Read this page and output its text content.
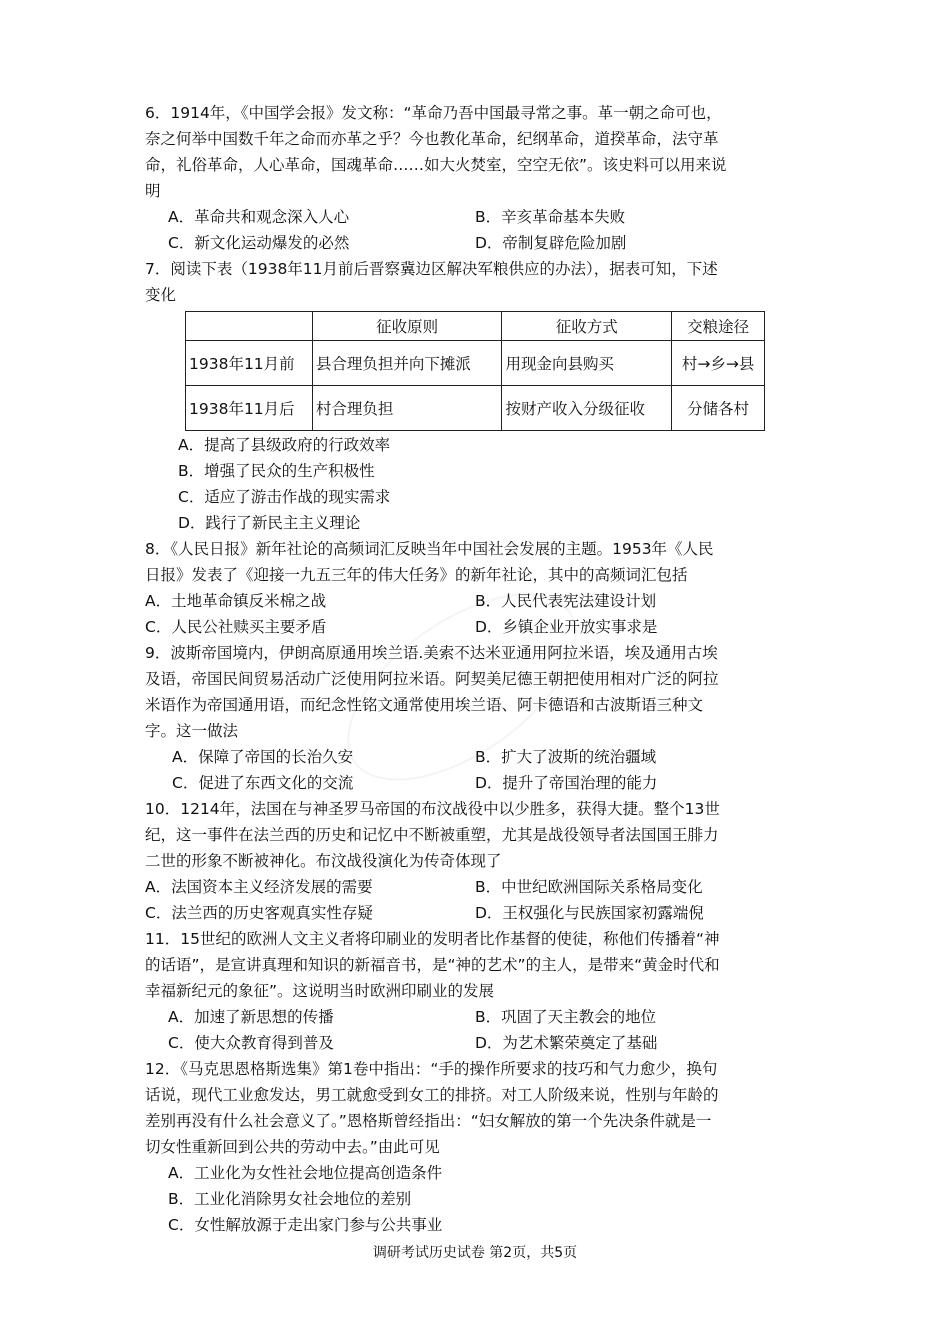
6．1914年，《中国学会报》发文称：“革命乃吾中国最寻常之事。革一朝之命可也，
奈之何举中国数千年之命而亦革之乎？今也教化革命，纪纲革命，道揆革命，法守革
命，礼俗革命，人心革命，国魂革命……如大火焚室，空空无依”。该史料可以用来说
明
A．革命共和观念深入人心	B．辛亥革命基本失败
C．新文化运动爆发的必然	D．帝制复辟危险加剧
7．阅读下表（1938年11月前后晋察冀边区解决军粮供应的办法），据表可知，下述
变化
	征收原则	征收方式	交粮途径
1938年11月前	县合理负担并向下摊派	用现金向县购买	村→乡→县
1938年11月后	村合理负担	按财产收入分级征收	分储各村
A．提高了县级政府的行政效率
B．增强了民众的生产积极性
C．适应了游击作战的现实需求
D．践行了新民主主义理论
8．《人民日报》新年社论的高频词汇反映当年中国社会发展的主题。1953年《人民
日报》发表了《迎接一九五三年的伟大任务》的新年社论，其中的高频词汇包括
A．土地革命镇反米棉之战	B．人民代表宪法建设计划
C．人民公社赎买主要矛盾	D．乡镇企业开放实事求是
9．波斯帝国境内，伊朗高原通用埃兰语.美索不达米亚通用阿拉米语，埃及通用古埃
及语，帝国民间贸易活动广泛使用阿拉米语。阿契美尼德王朝把使用相对广泛的阿拉
米语作为帝国通用语，而纪念性铭文通常使用埃兰语、阿卡德语和古波斯语三种文
字。这一做法
A．保障了帝国的长治久安	B．扩大了波斯的统治疆域
C．促进了东西文化的交流	D．提升了帝国治理的能力
10．1214年，法国在与神圣罗马帝国的布汶战役中以少胜多，获得大捷。整个13世
纪，这一事件在法兰西的历史和记忆中不断被重塑，尤其是战役领导者法国国王腓力
二世的形象不断被神化。布汶战役演化为传奇体现了
A．法国资本主义经济发展的需要	B．中世纪欧洲国际关系格局变化
C．法兰西的历史客观真实性存疑	D．王权强化与民族国家初露端倪
11．15世纪的欧洲人文主义者将印刷业的发明者比作基督的使徒，称他们传播着“神
的话语”，是宣讲真理和知识的新福音书，是“神的艺术”的主人，是带来“黄金时代和
幸福新纪元的象征”。这说明当时欧洲印刷业的发展
A．加速了新思想的传播	B．巩固了天主教会的地位
C．使大众教育得到普及	D．为艺术繁荣奠定了基础
12．《马克思恩格斯选集》第1卷中指出：“手的操作所要求的技巧和气力愈少，换句
话说，现代工业愈发达，男工就愈受到女工的排挤。对工人阶级来说，性别与年龄的
差别再没有什么社会意义了。”恩格斯曾经指出：“妇女解放的第一个先决条件就是一
切女性重新回到公共的劳动中去。”由此可见
A．工业化为女性社会地位提高创造条件
B．工业化消除男女社会地位的差别
C．女性解放源于走出家门参与公共事业
调研考试历史试卷 第2页，共5页
